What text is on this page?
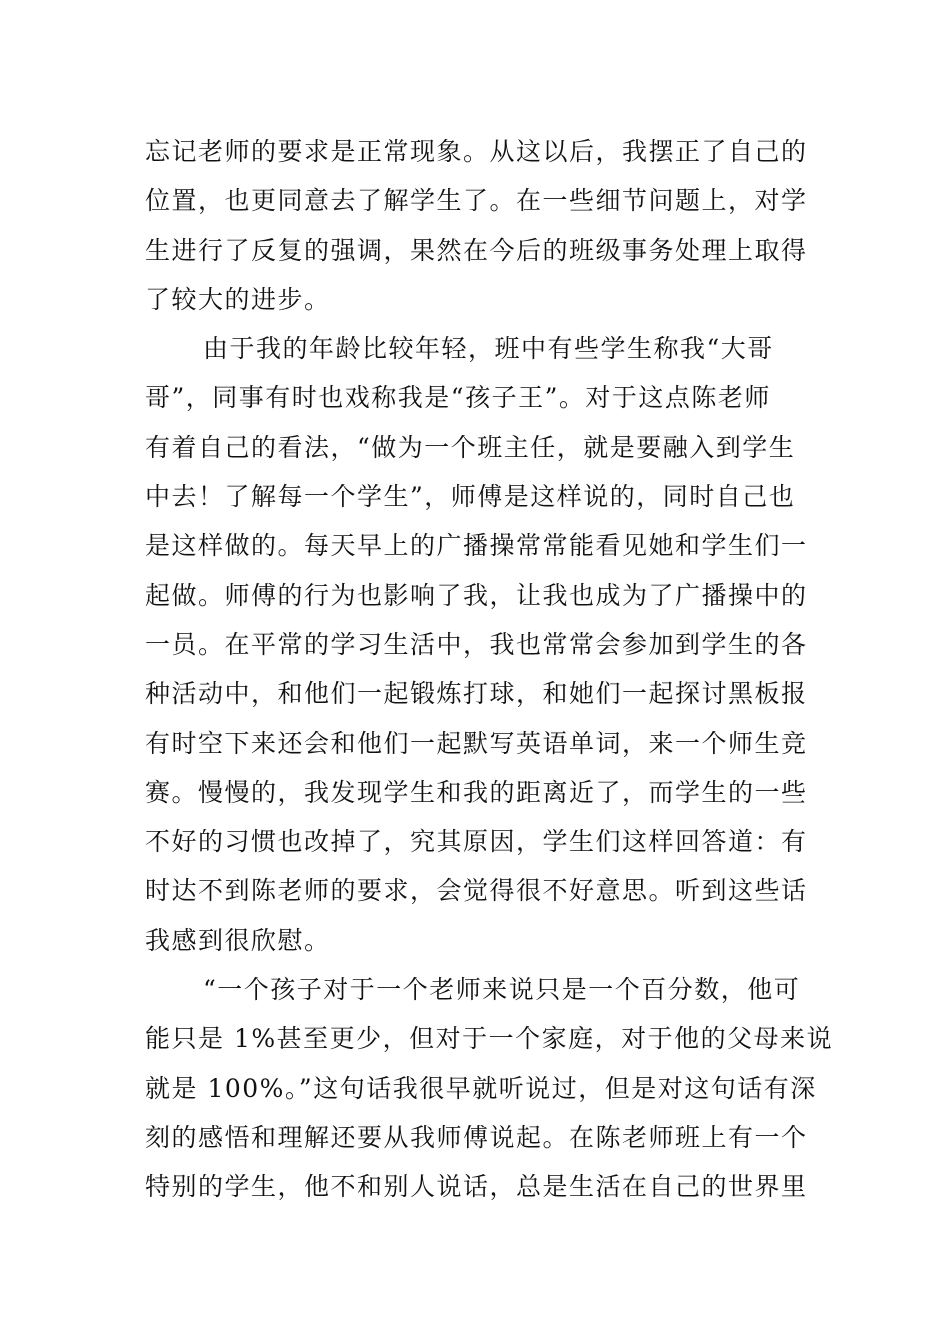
忘记老师的要求是正常现象。从这以后，我摆正了自己的
位置，也更同意去了解学生了。在一些细节问题上，对学
生进行了反复的强调，果然在今后的班级事务处理上取得
了较大的进步。
由于我的年龄比较年轻，班中有些学生称我“大哥
哥”，同事有时也戏称我是“孩子王”。对于这点陈老师
有着自己的看法，“做为一个班主任，就是要融入到学生
中去！了解每一个学生”，师傅是这样说的，同时自己也
是这样做的。每天早上的广播操常常能看见她和学生们一
起做。师傅的行为也影响了我，让我也成为了广播操中的
一员。在平常的学习生活中，我也常常会参加到学生的各
种活动中，和他们一起锻炼打球，和她们一起探讨黑板报
有时空下来还会和他们一起默写英语单词，来一个师生竞
赛。慢慢的，我发现学生和我的距离近了，而学生的一些
不好的习惯也改掉了，究其原因，学生们这样回答道：有
时达不到陈老师的要求，会觉得很不好意思。听到这些话
我感到很欣慰。
“一个孩子对于一个老师来说只是一个百分数，他可
能只是 1%甚至更少，但对于一个家庭，对于他的父母来说
就是 100%。”这句话我很早就听说过，但是对这句话有深
刻的感悟和理解还要从我师傅说起。在陈老师班上有一个
特别的学生，他不和别人说话，总是生活在自己的世界里
